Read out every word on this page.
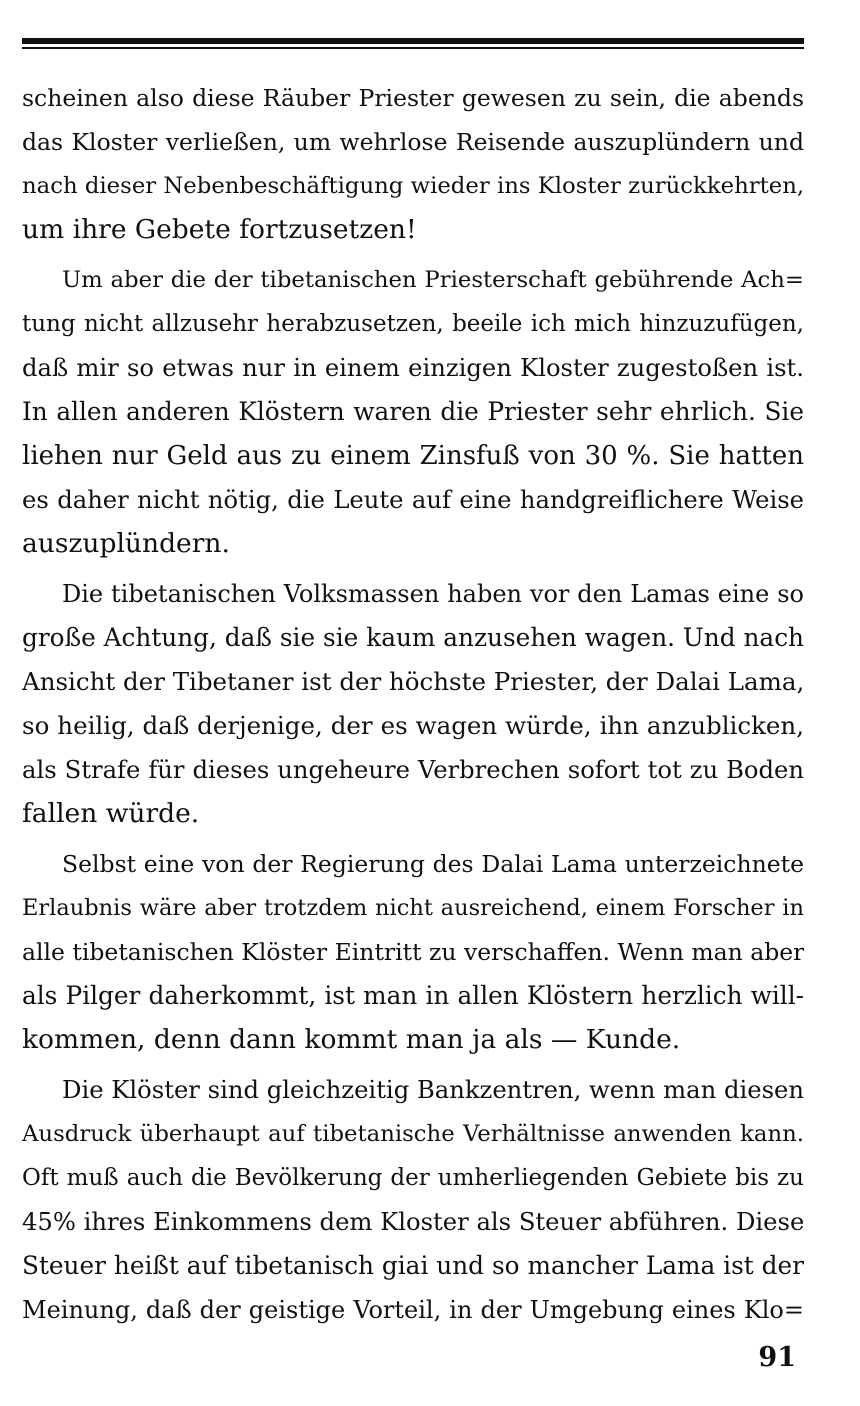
scheinen also diese Räuber Priester gewesen zu sein, die abends
das Kloster verließen, um wehrlose Reisende auszuplündern und
nach dieser Nebenbeschäftigung wieder ins Kloster zurückkehrten,
um ihre Gebete fortzusetzen!

Um aber die der tibetanischen Priesterschaft gebührende Ach=
tung nicht allzusehr herabzusetzen, beeile ich mich hinzuzufügen,
daß mir so etwas nur in einem einzigen Kloster zugestoßen ist.
In allen anderen Klöstern waren die Priester sehr ehrlich. Sie
liehen nur Geld aus zu einem Zinsfuß von 30 %. Sie hatten
es daher nicht nötig, die Leute auf eine handgreiflichere Weise
auszuplündern.

Die tibetanischen Volksmassen haben vor den Lamas eine so
große Achtung, daß sie sie kaum anzusehen wagen. Und nach
Ansicht der Tibetaner ist der höchste Priester, der Dalai Lama,
so heilig, daß derjenige, der es wagen würde, ihn anzublicken,
als Strafe für dieses ungeheure Verbrechen sofort tot zu Boden
fallen würde.

Selbst eine von der Regierung des Dalai Lama unterzeichnete
Erlaubnis wäre aber trotzdem nicht ausreichend, einem Forscher in
alle tibetanischen Klöster Eintritt zu verschaffen. Wenn man aber
als Pilger daherkommt, ist man in allen Klöstern herzlich will-
kommen, denn dann kommt man ja als — Kunde.

Die Klöster sind gleichzeitig Bankzentren, wenn man diesen
Ausdruck überhaupt auf tibetanische Verhältnisse anwenden kann.
Oft muß auch die Bevölkerung der umherliegenden Gebiete bis zu
45% ihres Einkommens dem Kloster als Steuer abführen. Diese
Steuer heißt auf tibetanisch giai und so mancher Lama ist der
Meinung, daß der geistige Vorteil, in der Umgebung eines Klo=

91
